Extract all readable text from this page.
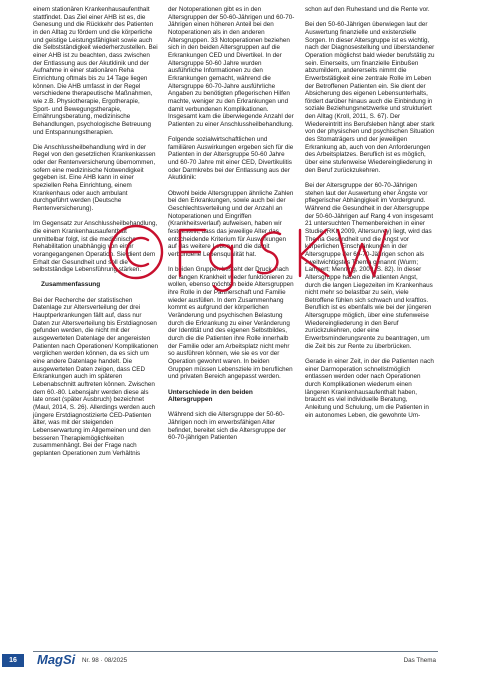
einem stationären Krankenhausaufenthalt stattfindet. Das Ziel einer AHB ist es, die Genesung und die Rückkehr des Patienten in den Alltag zu fördern und die körperliche und geistige Leistungsfähigkeit sowie auch die Selbstständigkeit wiederherzustellen. Bei einer AHB ist zu beachten, dass zwischen der Entlassung aus der Akutklinik und der Aufnahme in einer stationären Reha Einrichtung oftmals bis zu 14 Tage liegen können. Die AHB umfasst in der Regel verschiedene therapeutische Maßnahmen, wie z.B. Physiotherapie, Ergotherapie, Sport- und Bewegungstherapie, Ernährungsberatung, medizinische Behandlungen, psychologische Betreuung und Entspannungstherapien.

Die Anschlussheilbehandlung wird in der Regel von den gesetzlichen Krankenkassen oder der Rentenversicherung übernommen, sofern eine medizinische Notwendigkeit gegeben ist. Eine AHB kann in einer speziellen Reha Einrichtung, einem Krankenhaus oder auch ambulant durchgeführt werden (Deutsche Rentenversicherung).

Im Gegensatz zur Anschlussheilbehandlung, die einem Krankenhausaufenthalt unmittelbar folgt, ist die medizinische Rehabilitation unabhängig von einer vorangegangenen Operation. Sie dient dem Erhalt der Gesundheit und soll die selbstständige Lebensführung stärken.

Zusammenfassung

Bei der Recherche der statistischen Datenlage zur Altersverteilung der drei Hauptperkrankungen fällt auf, dass nur Daten zur Altersverteilung bis Erstdiagnosen gefunden werden, die nicht mit der ausgewerteten Datenlage der angereisten Patienten nach Operationen/ Komplikationen verglichen werden können, da es sich um eine andere Datenlage handelt. Die ausgewerteten Daten zeigen, dass CED Erkrankungen auch im späteren Lebenabschnitt auftreten können. Zwischen dem 60.-80. Lebensjahr werden diese als late onset (später Ausbruch) bezeichnet (Maul, 2014, S. 26). Allerdings werden auch jüngere Erstdiagnostizierte CED-Patienten älter, was mit der steigenden Lebenserwartung im Allgemeinen und den besseren Therapiemöglichkeiten zusammenhängt. Bei der Frage nach geplanten Operationen zum Verhältnis

der Notoperationen gibt es in den Altersgruppen der 50-60-Jährigen und 60-70-Jährigen einen höheren Anteil bei den Notoperationen als in den anderen Altersgruppen. 33 Notoperationen beziehen sich in den beiden Altersgruppen auf die Erkrankungen CED und Divertikel. In der Altersgruppe 50-60 Jahre wurden ausführliche Informationen zu den Erkrankungen gemacht, während die Altersgruppe 60-70-Jahre ausführliche Angaben zu benötigten pflegerischen Hilfen machte, weniger zu den Erkrankungen und damit verbundenen Komplikationen. Insgesamt kam die überwiegende Anzahl der Patienten zu einer Anschlussheilbehandlung.

Folgende sozialwirtschaftlichen und familiären Auswirkungen ergeben sich für die Patienten in der Altersgruppe 50-60 Jahre und 60-70 Jahre mit einer CED, Divertikulitis oder Darmkrebs bei der Entlassung aus der Akutklinik:

Obwohl beide Altersgruppen ähnliche Zahlen bei den Erkrankungen, sowie auch bei der Geschlechtsverteilung und der Anzahl an Notoperationen und Eingriffen (Krankheitsverlauf) aufweisen, haben wir festgestellt, dass das jeweilige Alter das entscheidende Kriterium für Auswirkungen auf das weitere Leben und die damit verbundene Lebensqualität hat.

In beiden Gruppen besteht der Druck, nach der langen Krankheit wieder funktionieren zu wollen, ebenso möchten beide Altersgruppen ihre Rolle in der Partnerschaft und Familie wieder ausfüllen. In dem Zusammenhang kommt es aufgrund der körperlichen Veränderung und psychischen Belastung durch die Erkrankung zu einer Veränderung der Identität und des eigenen Selbstbildes, durch die die Patienten ihre Rolle innerhalb der Familie oder am Arbeitsplatz nicht mehr so ausführen können, wie sie es vor der Operation gewohnt waren. In beiden Gruppen müssen Lebensziele im beruflichen und privaten Bereich angepasst werden.

Unterschiede in den beiden Altersgruppen

Während sich die Altersgruppe der 50-60-Jährigen noch im erwerbsfähigen Alter befindet, bereitet sich die Altersgruppe der 60-70-jährigen Patienten

schon auf den Ruhestand und die Rente vor.

Bei den 50-60-Jährigen überwiegen laut der Auswertung finanzielle und existenzielle Sorgen. In dieser Altersgruppe ist es wichtig, nach der Diagnosestellung und überstandener Operation möglichst bald wieder berufstätig zu sein. Einerseits, um finanzielle Einbußen abzumildern, andererseits nimmt die Erwerbstätigkeit eine zentrale Rolle im Leben der Betroffenen Patienten ein. Sie dient der Absicherung des eigenen Lebensunterhalts, fördert darüber hinaus auch die Einbindung in soziale Beziehungsnetzwerke und strukturiert den Alltag (Kroll, 2011, S. 67). Der Wiedereintritt ins Berufsleben hängt aber stark von der physischen und psychischen Situation des Stomaträgers und der jeweiligen Erkrankung ab, auch von den Anforderungen des Arbeitsplatzes. Beruflich ist es möglich, über eine stufenweise Wiedereingliederung in den Beruf zurückzukehren.

Bei der Altersgruppe der 60-70-Jährigen stehen laut der Auswertung eher Ängste vor pflegerischer Abhängigkeit im Vordergrund. Während die Gesundheit in der Altersgruppe der 50-60-Jährigen auf Rang 4 von insgesamt 21 untersuchten Themenbereichen in einer Studie (RKI, 2009, Altersurvey) liegt, wird das Thema Gesundheit und die Angst vor körperlichen Einschränkungen in der Altersgruppe der 60-70-Jährigen schon als zweitwichtigstes Thema genannt (Wurm; Lampert; Menning, 2009, S. 82). In dieser Altersgruppe haben die Patienten Angst, durch die langen Liegezeiten im Krankenhaus nicht mehr so belastbar zu sein, viele Betroffene fühlen sich schwach und kraftlos. Beruflich ist es ebenfalls wie bei der jüngeren Altersgruppe möglich, über eine stufenweise Wiedereingliederung in den Beruf zurückzukehren, oder eine Erwerbsminderungsrente zu beantragen, um die Zeit bis zur Rente zu überbrücken.

Gerade in einer Zeit, in der die Patienten nach einer Darmoperation schnellstmöglich entlassen werden oder nach Operationen durch Komplikationen wiederum einen längeren Krankenhausaufenthalt haben, braucht es viel individuelle Beratung, Anleitung und Schulung, um die Patienten in ein autonomes Leben, die gewohnte Um-

16	MagSi Nr. 98 · 08/2025	Das Thema
